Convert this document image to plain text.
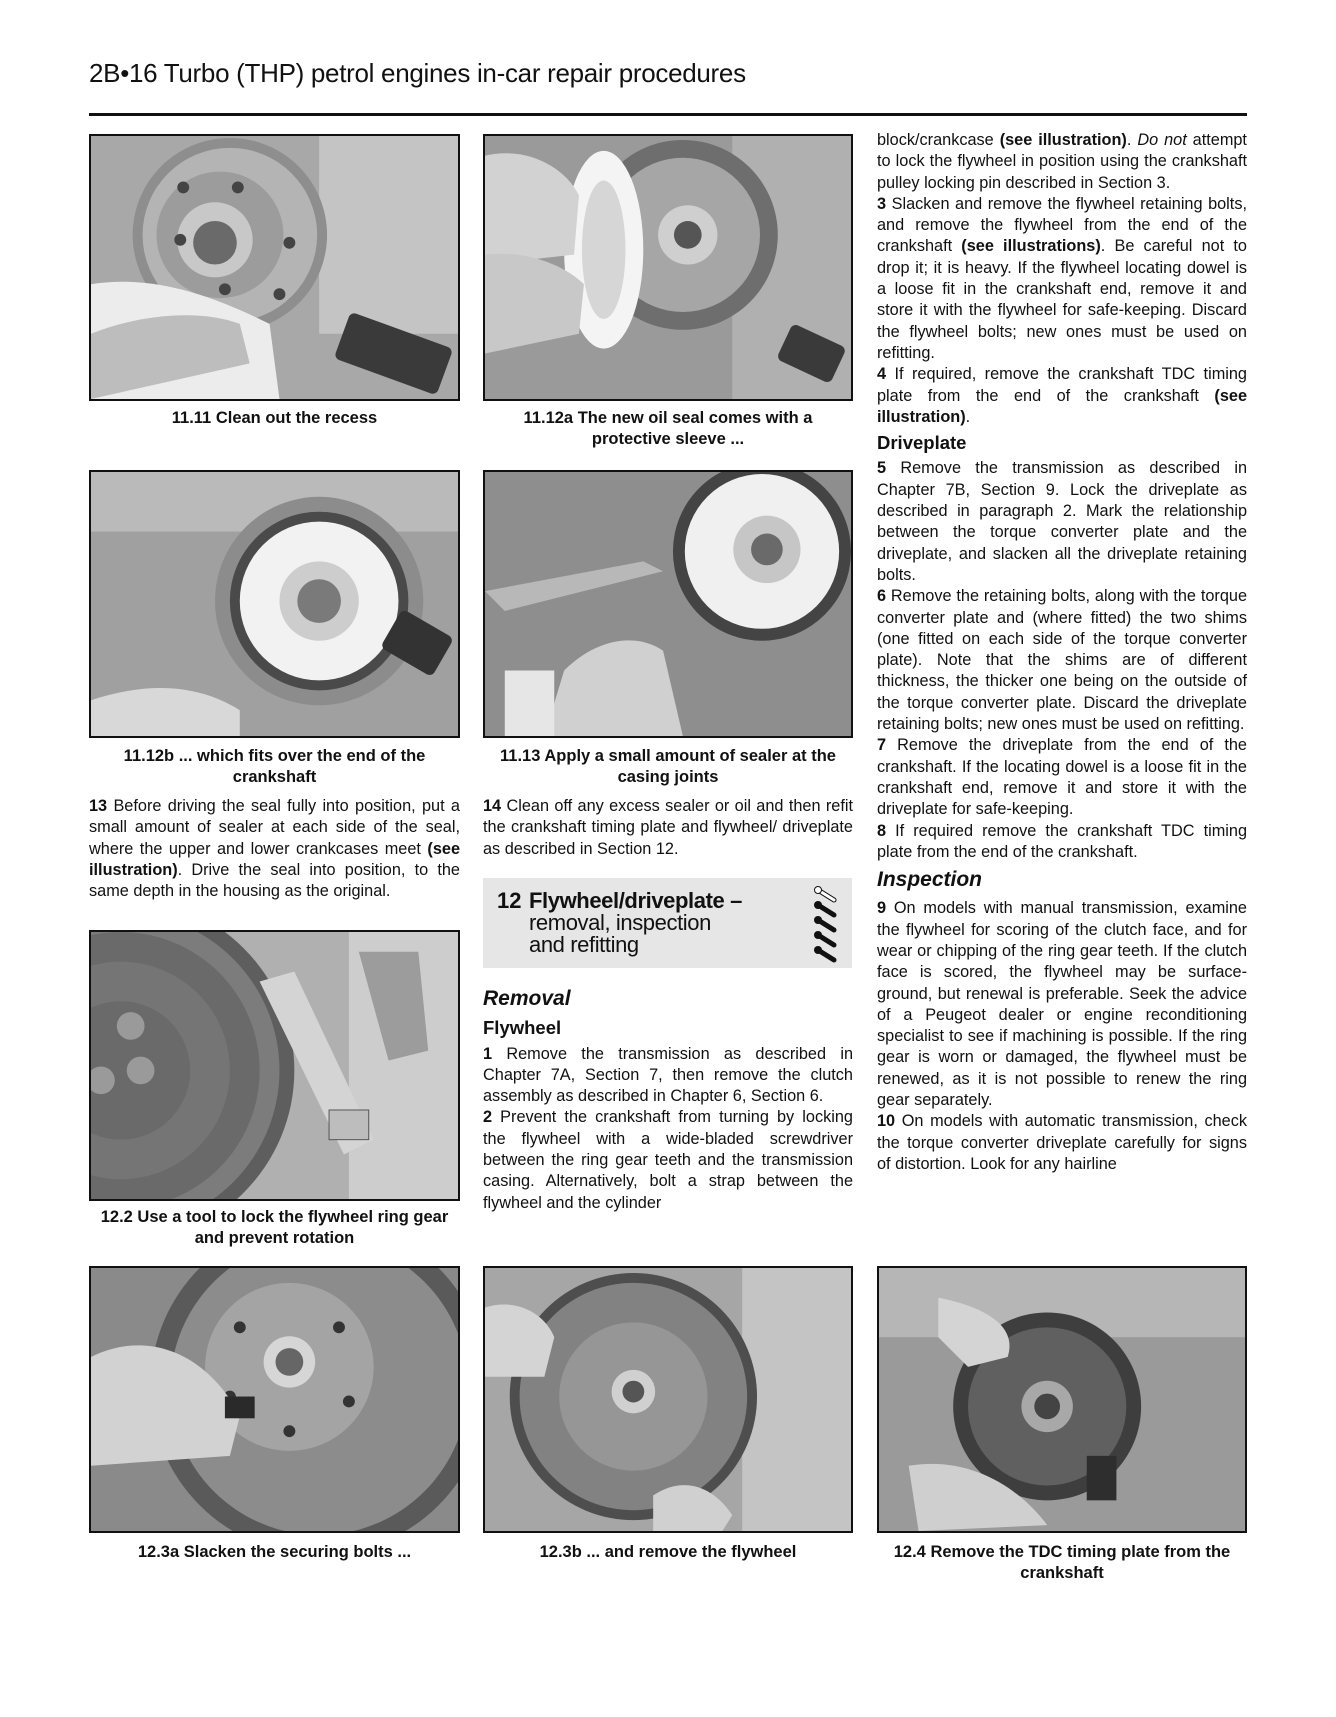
2B•16 Turbo (THP) petrol engines in-car repair procedures
11.11 Clean out the recess	11.12a The new oil seal comes with a protective sleeve ...
11.12b ... which fits over the end of the crankshaft
11.13 Apply a small amount of sealer at the casing joints

13 Before driving the seal fully into position, put a small amount of sealer at each side of the seal, where the upper and lower crankcases meet (see illustration). Drive the seal into position, to the same depth in the housing as the original.

12.2 Use a tool to lock the flywheel ring gear and prevent rotation

14 Clean off any excess sealer or oil and then refit the crankshaft timing plate and flywheel/ driveplate as described in Section 12.

12 Flywheel/driveplate –
removal, inspection
and refitting
Removal
Flywheel

1 Remove the transmission as described in Chapter 7A, Section 7, then remove the clutch assembly as described in Chapter 6, Section 6.

2 Prevent the crankshaft from turning by locking the flywheel with a wide-bladed screwdriver between the ring gear teeth and the transmission casing. Alternatively, bolt a strap between the flywheel and the cylinder

block/crankcase (see illustration). Do not attempt to lock the flywheel in position using the crankshaft pulley locking pin described in Section 3.

3 Slacken and remove the flywheel retaining bolts, and remove the flywheel from the end of the crankshaft (see illustrations). Be careful not to drop it; it is heavy. If the flywheel locating dowel is a loose fit in the crankshaft end, remove it and store it with the flywheel for safe-keeping. Discard the flywheel bolts; new ones must be used on refitting.

4 If required, remove the crankshaft TDC timing plate from the end of the crankshaft (see illustration).

Driveplate

5 Remove the transmission as described in Chapter 7B, Section 9. Lock the driveplate as described in paragraph 2. Mark the relationship between the torque converter plate and the driveplate, and slacken all the driveplate retaining bolts.

6 Remove the retaining bolts, along with the torque converter plate and (where fitted) the two shims (one fitted on each side of the torque converter plate). Note that the shims are of different thickness, the thicker one being on the outside of the torque converter plate. Discard the driveplate retaining bolts; new ones must be used on refitting.

7 Remove the driveplate from the end of the crankshaft. If the locating dowel is a loose fit in the crankshaft end, remove it and store it with the driveplate for safe-keeping.

8 If required remove the crankshaft TDC timing plate from the end of the crankshaft.

Inspection

9 On models with manual transmission, examine the flywheel for scoring of the clutch face, and for wear or chipping of the ring gear teeth. If the clutch face is scored, the flywheel may be surface-ground, but renewal is preferable. Seek the advice of a Peugeot dealer or engine reconditioning specialist to see if machining is possible. If the ring gear is worn or damaged, the flywheel must be renewed, as it is not possible to renew the ring gear separately.

10 On models with automatic transmission, check the torque converter driveplate carefully for signs of distortion. Look for any hairline

12.3a Slacken the securing bolts ...	12.3b ... and remove the flywheel	12.4 Remove the TDC timing plate from the crankshaft
